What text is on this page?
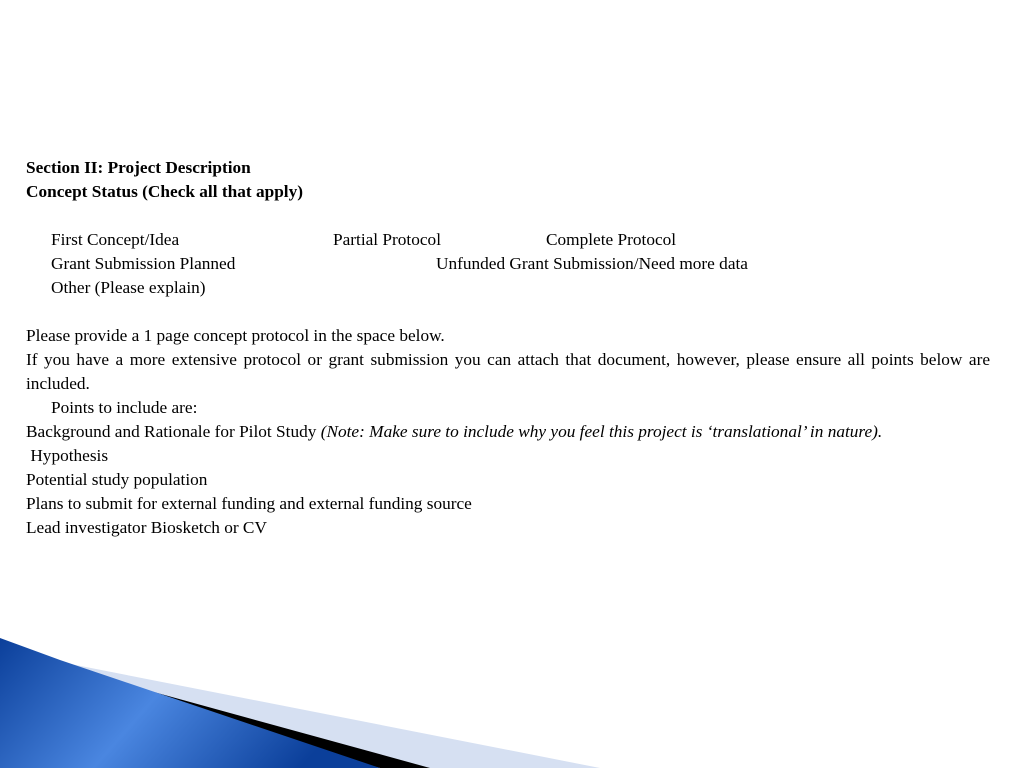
Section II: Project Description
Concept Status (Check all that apply)
First Concept/Idea	Partial Protocol	Complete Protocol
Grant Submission Planned	Unfunded Grant Submission/Need more data
Other (Please explain)
Please provide a 1 page concept protocol in the space below.
If you have a more extensive protocol or grant submission you can attach that document, however, please ensure all points below are included.
Points to include are:
Background and Rationale for Pilot Study (Note: Make sure to include why you feel this project is ‘translational’ in nature).
Hypothesis
Potential study population
Plans to submit for external funding and external funding source
Lead investigator Biosketch or CV
